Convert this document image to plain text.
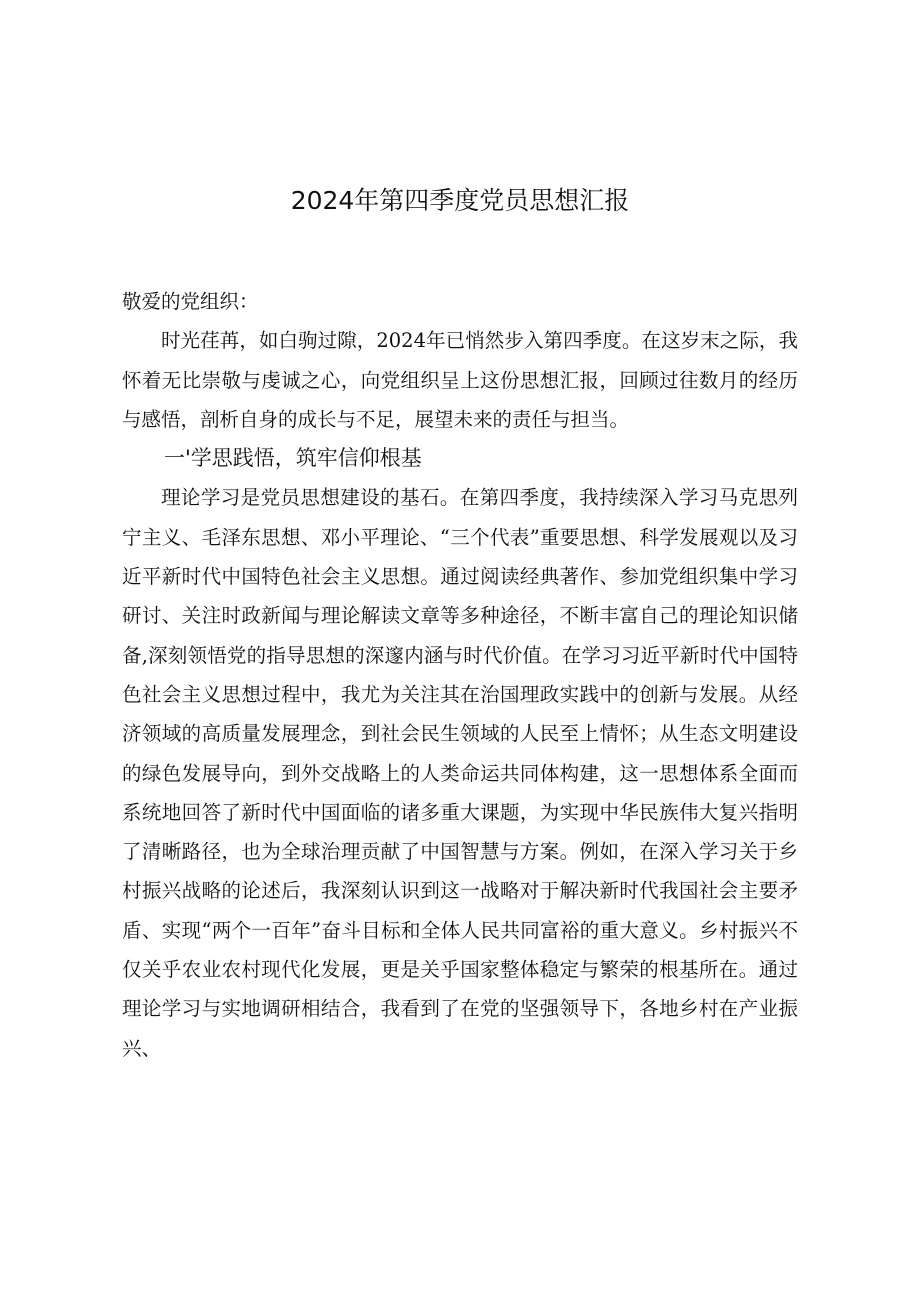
2024年第四季度党员思想汇报

敬爱的党组织：

时光荏苒，如白驹过隙，2024年已悄然步入第四季度。在这岁末之际，我怀着无比崇敬与虔诚之心，向党组织呈上这份思想汇报，回顾过往数月的经历与感悟，剖析自身的成长与不足，展望未来的责任与担当。

一'学思践悟，筑牢信仰根基

理论学习是党员思想建设的基石。在第四季度，我持续深入学习马克思列宁主义、毛泽东思想、邓小平理论、“三个代表”重要思想、科学发展观以及习近平新时代中国特色社会主义思想。通过阅读经典著作、参加党组织集中学习研讨、关注时政新闻与理论解读文章等多种途径，不断丰富自己的理论知识储备,深刻领悟党的指导思想的深邃内涵与时代价值。在学习习近平新时代中国特色社会主义思想过程中，我尤为关注其在治国理政实践中的创新与发展。从经济领域的高质量发展理念，到社会民生领域的人民至上情怀；从生态文明建设的绿色发展导向，到外交战略上的人类命运共同体构建，这一思想体系全面而系统地回答了新时代中国面临的诸多重大课题，为实现中华民族伟大复兴指明了清晰路径，也为全球治理贡献了中国智慧与方案。例如，在深入学习关于乡村振兴战略的论述后，我深刻认识到这一战略对于解决新时代我国社会主要矛盾、实现“两个一百年”奋斗目标和全体人民共同富裕的重大意义。乡村振兴不仅关乎农业农村现代化发展，更是关乎国家整体稳定与繁荣的根基所在。通过理论学习与实地调研相结合，我看到了在党的坚强领导下，各地乡村在产业振兴、
